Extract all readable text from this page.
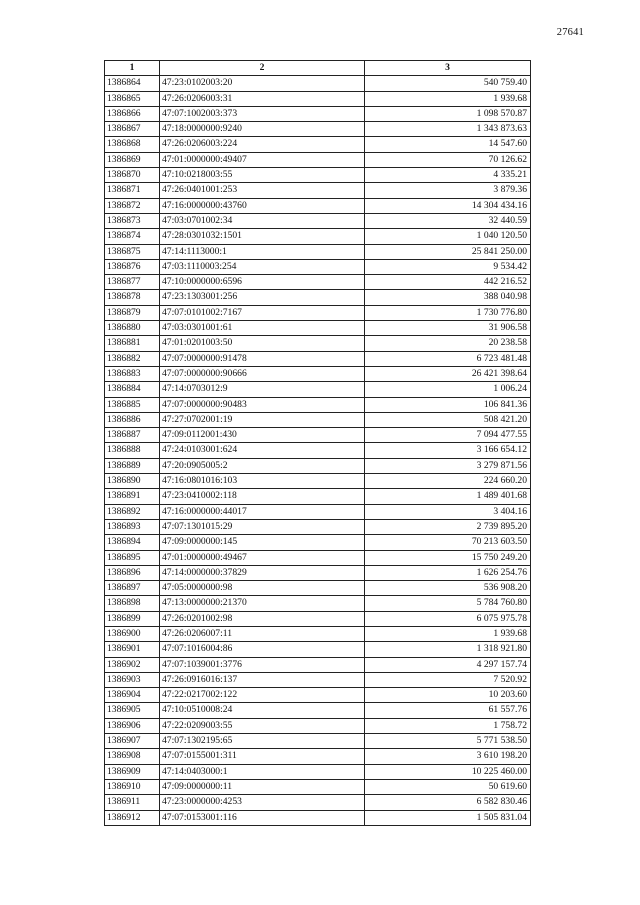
27641
1	2	3
1386864	47:23:0102003:20	540 759.40
1386865	47:26:0206003:31	1 939.68
1386866	47:07:1002003:373	1 098 570.87
1386867	47:18:0000000:9240	1 343 873.63
1386868	47:26:0206003:224	14 547.60
1386869	47:01:0000000:49407	70 126.62
1386870	47:10:0218003:55	4 335.21
1386871	47:26:0401001:253	3 879.36
1386872	47:16:0000000:43760	14 304 434.16
1386873	47:03:0701002:34	32 440.59
1386874	47:28:0301032:1501	1 040 120.50
1386875	47:14:1113000:1	25 841 250.00
1386876	47:03:1110003:254	9 534.42
1386877	47:10:0000000:6596	442 216.52
1386878	47:23:1303001:256	388 040.98
1386879	47:07:0101002:7167	1 730 776.80
1386880	47:03:0301001:61	31 906.58
1386881	47:01:0201003:50	20 238.58
1386882	47:07:0000000:91478	6 723 481.48
1386883	47:07:0000000:90666	26 421 398.64
1386884	47:14:0703012:9	1 006.24
1386885	47:07:0000000:90483	106 841.36
1386886	47:27:0702001:19	508 421.20
1386887	47:09:0112001:430	7 094 477.55
1386888	47:24:0103001:624	3 166 654.12
1386889	47:20:0905005:2	3 279 871.56
1386890	47:16:0801016:103	224 660.20
1386891	47:23:0410002:118	1 489 401.68
1386892	47:16:0000000:44017	3 404.16
1386893	47:07:1301015:29	2 739 895.20
1386894	47:09:0000000:145	70 213 603.50
1386895	47:01:0000000:49467	15 750 249.20
1386896	47:14:0000000:37829	1 626 254.76
1386897	47:05:0000000:98	536 908.20
1386898	47:13:0000000:21370	5 784 760.80
1386899	47:26:0201002:98	6 075 975.78
1386900	47:26:0206007:11	1 939.68
1386901	47:07:1016004:86	1 318 921.80
1386902	47:07:1039001:3776	4 297 157.74
1386903	47:26:0916016:137	7 520.92
1386904	47:22:0217002:122	10 203.60
1386905	47:10:0510008:24	61 557.76
1386906	47:22:0209003:55	1 758.72
1386907	47:07:1302195:65	5 771 538.50
1386908	47:07:0155001:311	3 610 198.20
1386909	47:14:0403000:1	10 225 460.00
1386910	47:09:0000000:11	50 619.60
1386911	47:23:0000000:4253	6 582 830.46
1386912	47:07:0153001:116	1 505 831.04
